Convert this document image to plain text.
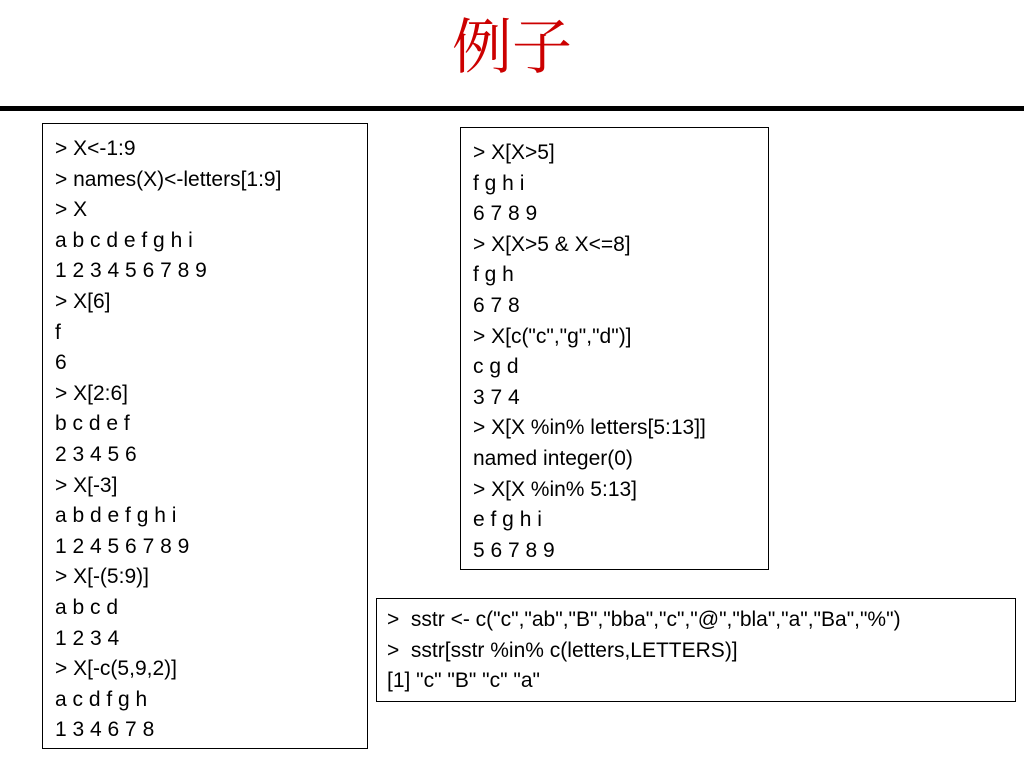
例子
> X<-1:9
> names(X)<-letters[1:9]
> X
a b c d e f g h i
1 2 3 4 5 6 7 8 9
> X[6]
f
6
> X[2:6]
b c d e f
2 3 4 5 6
> X[-3]
a b d e f g h i
1 2 4 5 6 7 8 9
> X[-(5:9)]
a b c d
1 2 3 4
> X[-c(5,9,2)]
a c d f g h
1 3 4 6 7 8
> X[X>5]
f g h i
6 7 8 9
> X[X>5 & X<=8]
f g h
6 7 8
> X[c("c","g","d")]
c g d
3 7 4
> X[X %in% letters[5:13]]
named integer(0)
> X[X %in% 5:13]
e f g h i
5 6 7 8 9
>  sstr <- c("c","ab","B","bba","c","@","bla","a","Ba","%")
>  sstr[sstr %in% c(letters,LETTERS)]
[1] "c" "B" "c" "a"
